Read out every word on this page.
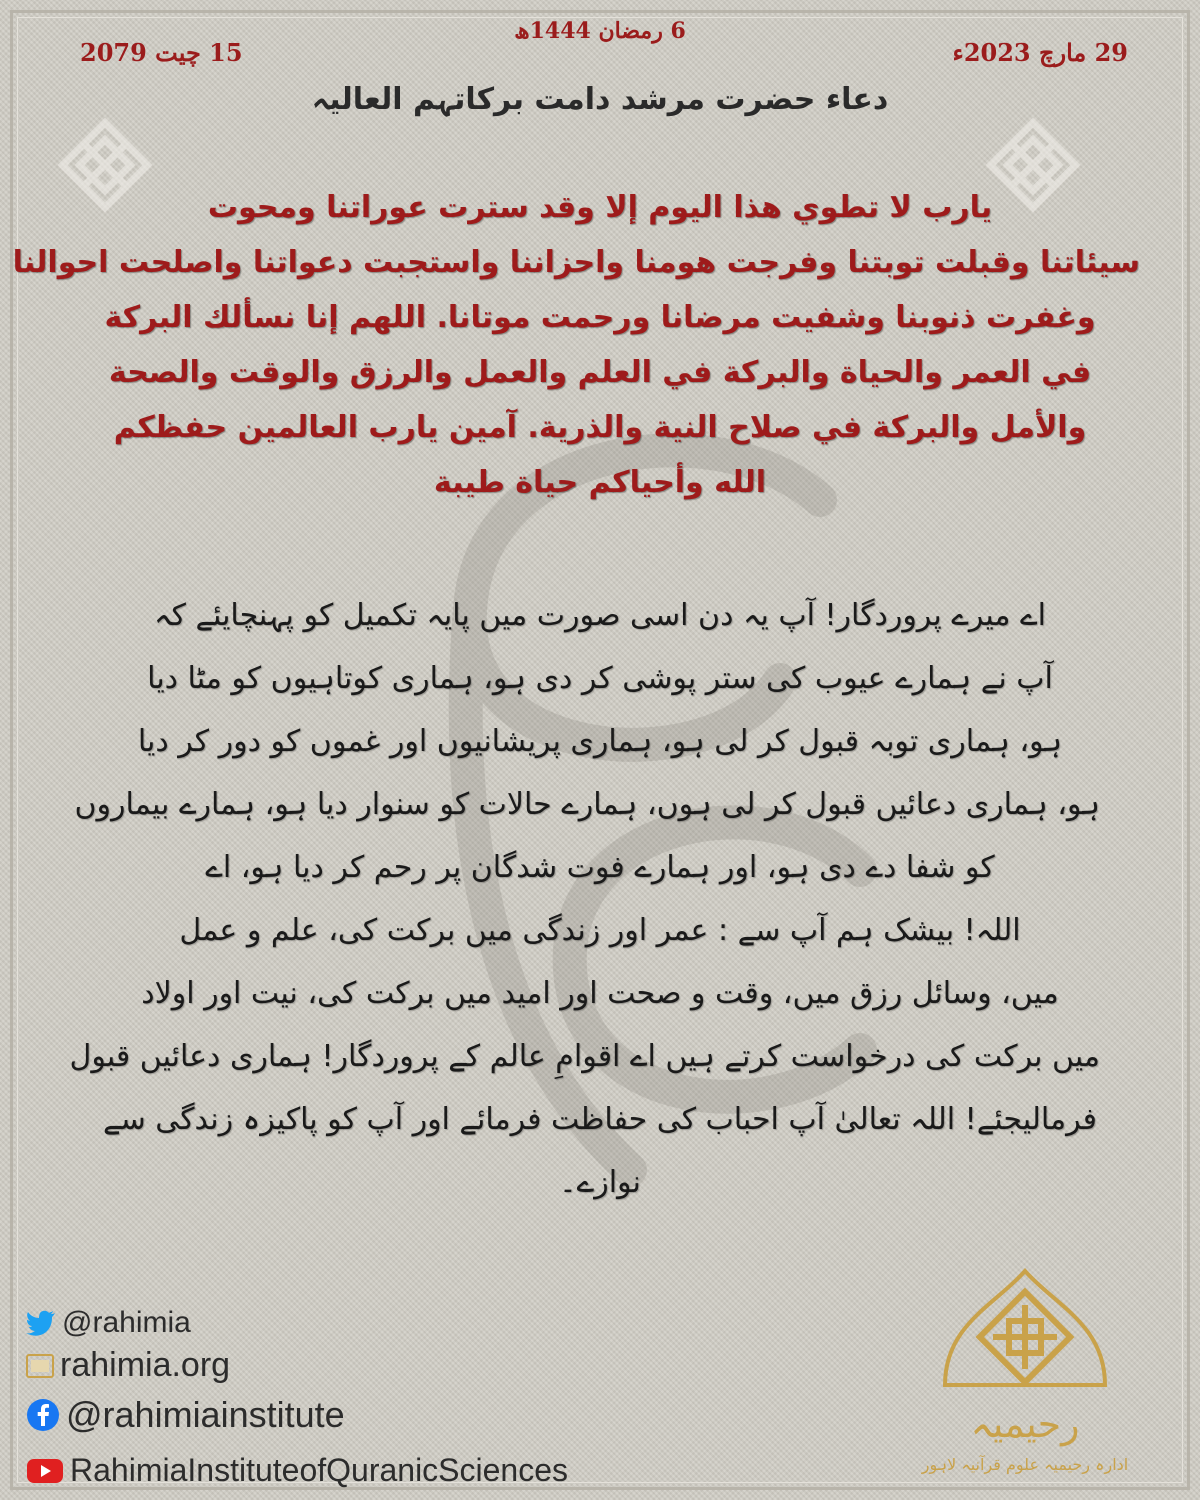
29 مارچ 2023ء
6 رمضان 1444ھ
15 چیت 2079
دعاء حضرت مرشد دامت برکاتہم العالیہ
يارب لا تطوي هذا اليوم إلا وقد سترت عوراتنا ومحوت
سيئاتنا وقبلت توبتنا وفرجت هومنا واحزاننا واستجبت دعواتنا واصلحت احوالنا
وغفرت ذنوبنا وشفيت مرضانا ورحمت موتانا. اللهم إنا نسألك البركة
في العمر والحياة والبركة في العلم والعمل والرزق والوقت والصحة
والأمل والبركة في صلاح النية والذرية. آمين يارب العالمين حفظكم
الله وأحياكم حياة طيبة
اے میرے پروردگار! آپ یہ دن اسی صورت میں پایہ تکمیل کو پہنچایئے کہ
آپ نے ہمارے عیوب کی ستر پوشی کر دی ہو، ہماری کوتاہیوں کو مٹا دیا
ہو، ہماری توبہ قبول کر لی ہو، ہماری پریشانیوں اور غموں کو دور کر دیا
ہو، ہماری دعائیں قبول کر لی ہوں، ہمارے حالات کو سنوار دیا ہو، ہمارے بیماروں
کو شفا دے دی ہو، اور ہمارے فوت شدگان پر رحم کر دیا ہو، اے
اللہ! بیشک ہم آپ سے : عمر اور زندگی میں برکت کی، علم و عمل
میں، وسائل رزق میں، وقت و صحت اور امید میں برکت کی، نیت اور اولاد
میں برکت کی درخواست کرتے ہیں اے اقوامِ عالم کے پروردگار! ہماری دعائیں قبول
فرمالیجئے! اللہ تعالیٰ آپ احباب کی حفاظت فرمائے اور آپ کو پاکیزہ زندگی سے
نوازے۔
@rahimia
rahimia.org
@rahimiainstitute
RahimiaInstituteofQuranicSciences
رحیمیہ
ادارہ رحیمیہ علوم قرآنیہ لاہور
